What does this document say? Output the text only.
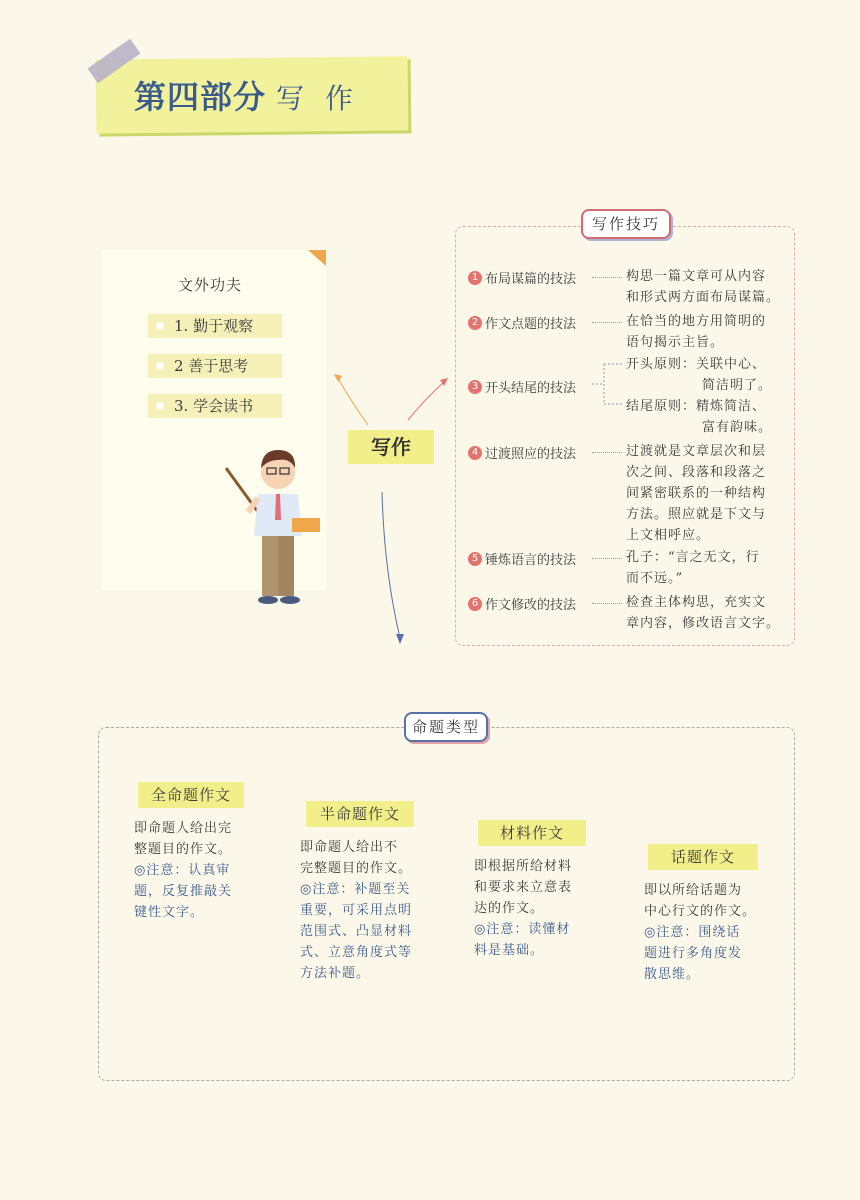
第四部分 写 作
文外功夫
1. 勤于观察
2 善于思考
3. 学会读书
写作
写作技巧
1 布局谋篇的技法	构思一篇文章可从内容
和形式两方面布局谋篇。
2 作文点题的技法	在恰当的地方用简明的
语句揭示主旨。
3 开头结尾的技法
开头原则：关联中心、
简洁明了。
结尾原则：精炼简洁、
富有韵味。
4 过渡照应的技法	过渡就是文章层次和层
次之间、段落和段落之
间紧密联系的一种结构
方法。照应就是下文与
上文相呼应。
5 锤炼语言的技法	孔子：“言之无文，行
而不远。”
6 作文修改的技法	检查主体构思，充实文
章内容，修改语言文字。
命题类型
全命题作文
即命题人给出完
整题目的作文。
◎注意：认真审
题，反复推敲关
键性文字。
半命题作文
即命题人给出不
完整题目的作文。
◎注意：补题至关
重要，可采用点明
范围式、凸显材料
式、立意角度式等
方法补题。
材料作文
即根据所给材料
和要求来立意表
达的作文。
◎注意：读懂材
料是基础。
话题作文
即以所给话题为
中心行文的作文。
◎注意：围绕话
题进行多角度发
散思维。
